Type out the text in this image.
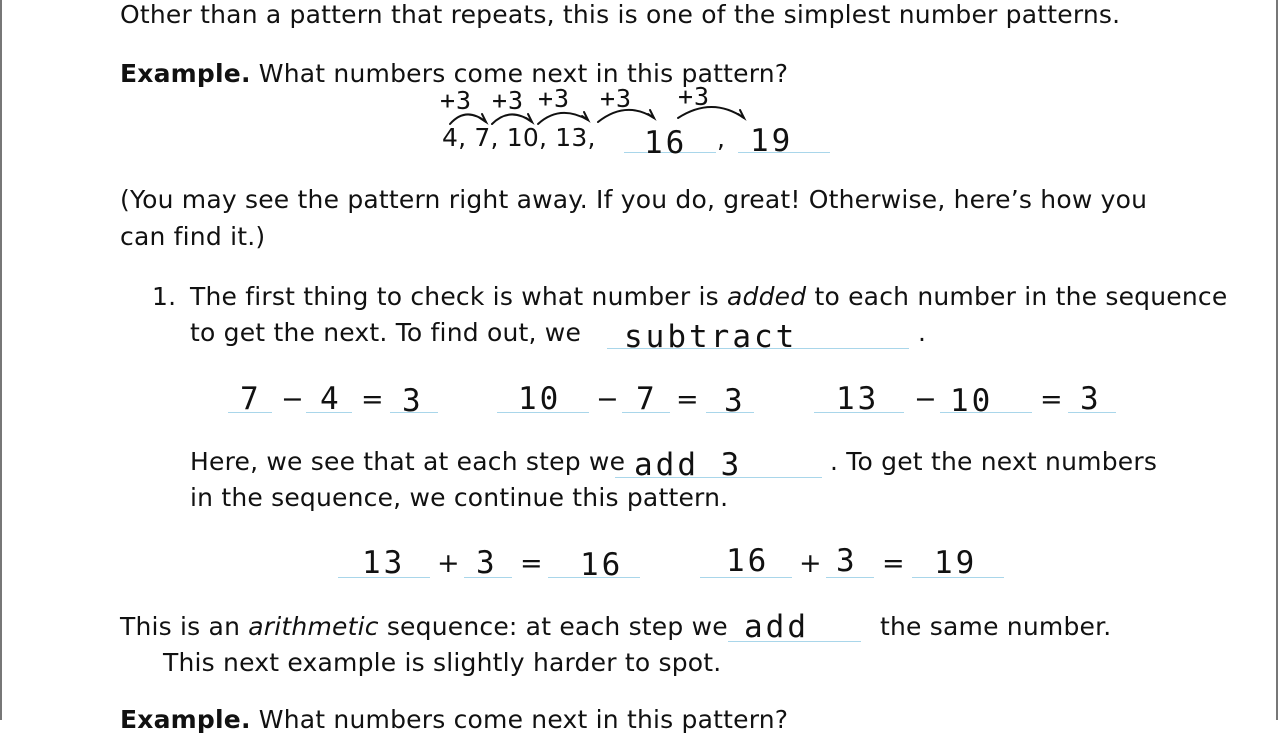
Other than a pattern that repeats, this is one of the simplest number patterns.
Example. What numbers come next in this pattern?
+3 +3 +3 +3 +3
4, 7, 10, 13, 16 , 19
(You may see the pattern right away. If you do, great! Otherwise, here’s how you
can find it.)
1. The first thing to check is what number is added to each number in the sequence
to get the next. To find out, we subtract	.
7 − 4 = 3	10 − 7 = 3	13 − 10 = 3
Here, we see that at each step we add 3	. To get the next numbers
in the sequence, we continue this pattern.
13 + 3 = 16	16 + 3 = 19
This is an arithmetic sequence: at each step we add	the same number.
This next example is slightly harder to spot.
Example. What numbers come next in this pattern?
